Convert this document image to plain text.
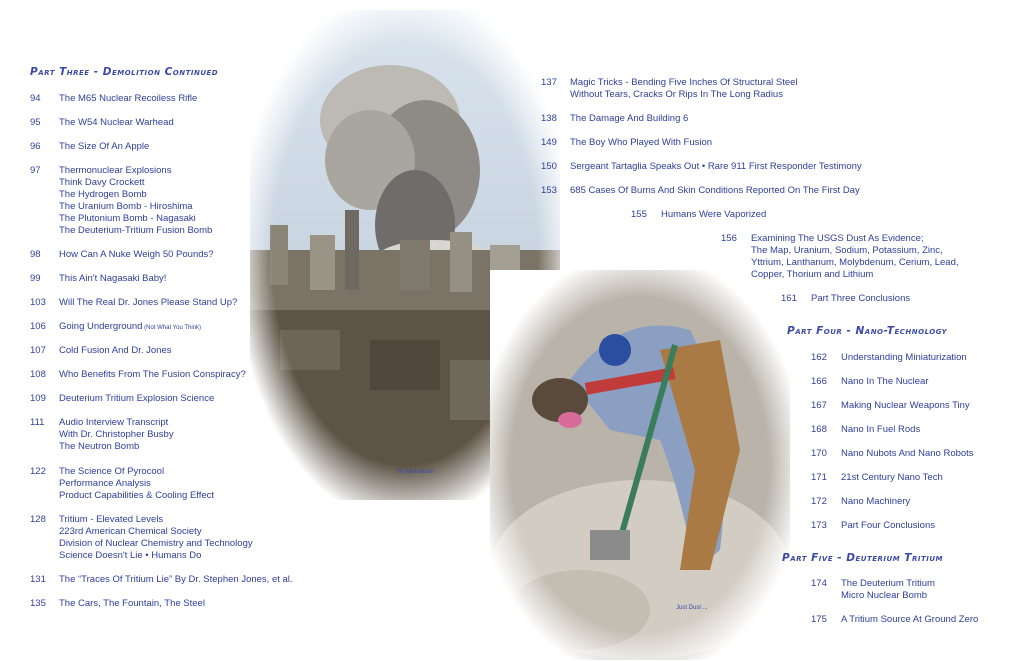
Part Three - Demolition Continued
94 The M65 Nuclear Recoiless Rifle
95 The W54 Nuclear Warhead
96 The Size Of An Apple
97 Thermonuclear Explosions
Think Davy Crockett
The Hydrogen Bomb
The Uranium Bomb - Hiroshima
The Plutonium Bomb - Nagasaki
The Deuterium-Tritium Fusion Bomb
98 How Can A Nuke Weigh 50 Pounds?
99 This Ain't Nagasaki Baby!
103 Will The Real Dr. Jones Please Stand Up?
106 Going Underground (Not What You Think)
107 Cold Fusion And Dr. Jones
108 Who Benefits From The Fusion Conspiracy?
109 Deuterium Tritium Explosion Science
111 Audio Interview Transcript
With Dr. Christopher Busby
The Neutron Bomb
122 The Science Of Pyrocool
Performance Analysis
Product Capabilities & Cooling Effect
128 Tritium - Elevated Levels
223rd American Chemical Society
Division of Nuclear Chemistry and Technology
Science Doesn't Lie • Humans Do
131 The “Traces Of Tritium Lie” By Dr. Stephen Jones, et al.
135 The Cars, The Fountain, The Steel
137 Magic Tricks - Bending Five Inches Of Structural Steel
Without Tears, Cracks Or Rips In The Long Radius
138 The Damage And Building 6
149 The Boy Who Played With Fusion
150 Sergeant Tartaglia Speaks Out • Rare 911 First Responder Testimony
153 685 Cases Of Burns And Skin Conditions Reported On The First Day
155 Humans Were Vaporized
156 Examining The USGS Dust As Evidence;
The Map, Uranium, Sodium, Potassium, Zinc,
Yttrium, Lanthanum, Molybdenum, Cerium, Lead,
Copper, Thorium and Lithium
161 Part Three Conclusions
Part Four - Nano-Technology
162 Understanding Miniaturization
166 Nano In The Nuclear
167 Making Nuclear Weapons Tiny
168 Nano In Fuel Rods
170 Nano Nubots And Nano Robots
171 21st Century Nano Tech
172 Nano Machinery
173 Part Four Conclusions
Part Five - Deuterium Tritium
174 The Deuterium Tritium
Micro Nuclear Bomb
175 A Tritium Source At Ground Zero
No Munsanon
Just Dust ...
